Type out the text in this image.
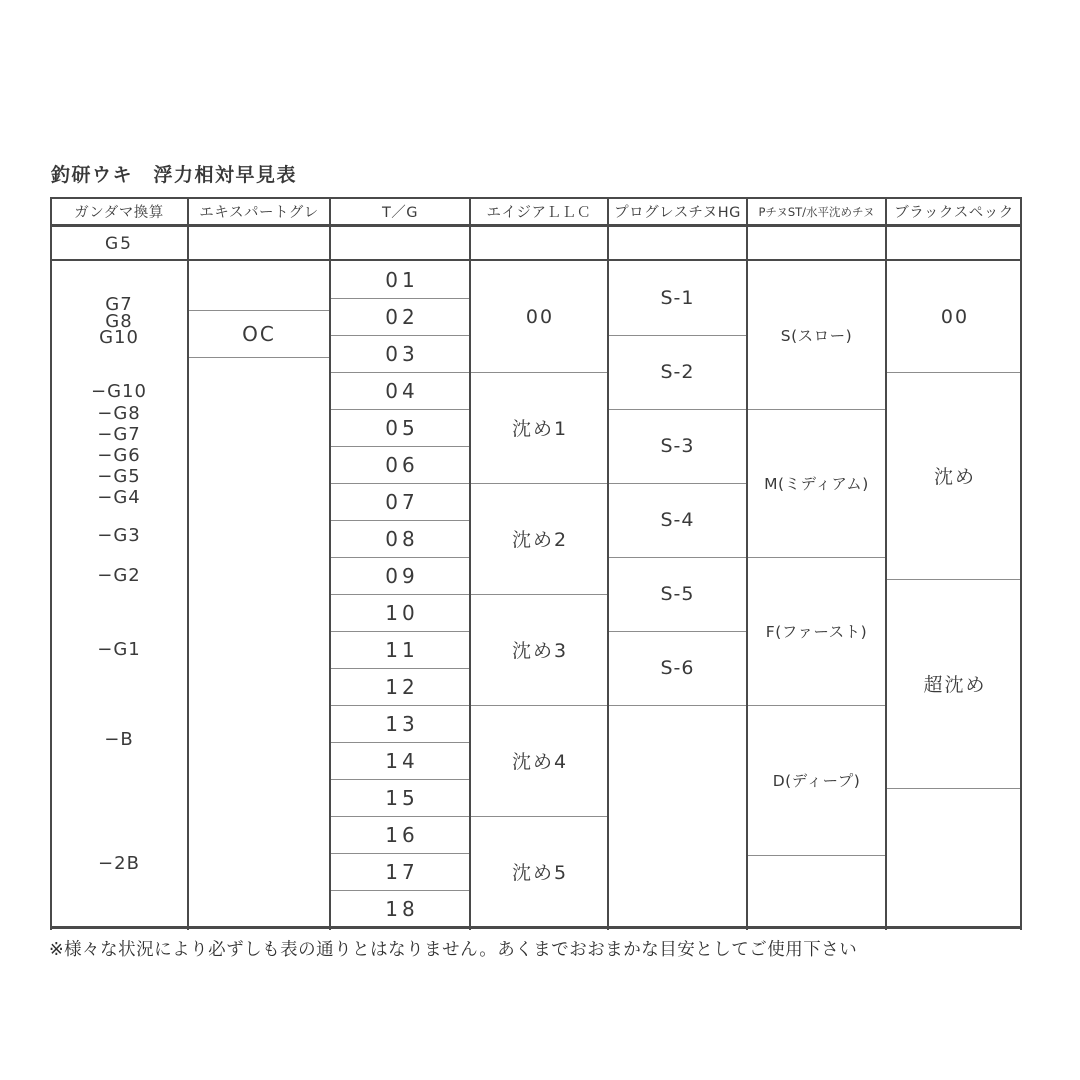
釣研ウキ　浮力相対早見表
ガンダマ換算
G5
G7
G8
G10
−G10
−G8
−G7
−G6
−G5
−G4
−G3
−G2
−G1
−B
−2B
エキスパートグレ
OC
T／G
01
02
03
04
05
06
07
08
09
10
11
12
13
14
15
16
17
18
エイジアＬＬＣ
00
沈め1
沈め2
沈め3
沈め4
沈め5
プログレスチヌHG
S-1
S-2
S-3
S-4
S-5
S-6
PチヌST/水平沈めチヌ
S(スロー)
M(ミディアム)
F(ファースト)
D(ディープ)
ブラックスペック
00
沈め
超沈め
※様々な状況により必ずしも表の通りとはなりません。あくまでおおまかな目安としてご使用下さい
